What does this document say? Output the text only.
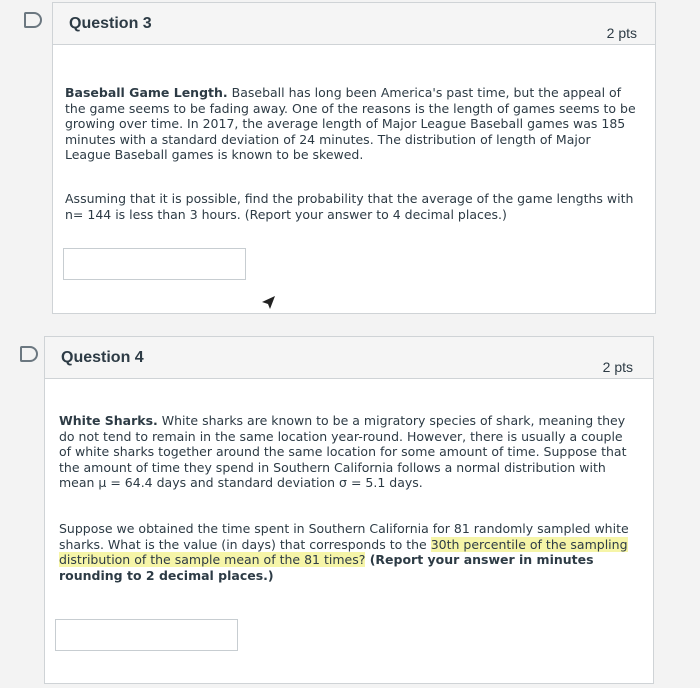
Question 3
2 pts
Baseball Game Length. Baseball has long been America's past time, but the appeal of the game seems to be fading away. One of the reasons is the length of games seems to be growing over time. In 2017, the average length of Major League Baseball games was 185 minutes with a standard deviation of 24 minutes. The distribution of length of Major League Baseball games is known to be skewed.
Assuming that it is possible, find the probability that the average of the game lengths with n= 144 is less than 3 hours. (Report your answer to 4 decimal places.)
Question 4
2 pts
White Sharks. White sharks are known to be a migratory species of shark, meaning they do not tend to remain in the same location year-round. However, there is usually a couple of white sharks together around the same location for some amount of time. Suppose that the amount of time they spend in Southern California follows a normal distribution with mean μ = 64.4 days and standard deviation σ = 5.1 days.
Suppose we obtained the time spent in Southern California for 81 randomly sampled white sharks. What is the value (in days) that corresponds to the 30th percentile of the sampling distribution of the sample mean of the 81 times? (Report your answer in minutes rounding to 2 decimal places.)
